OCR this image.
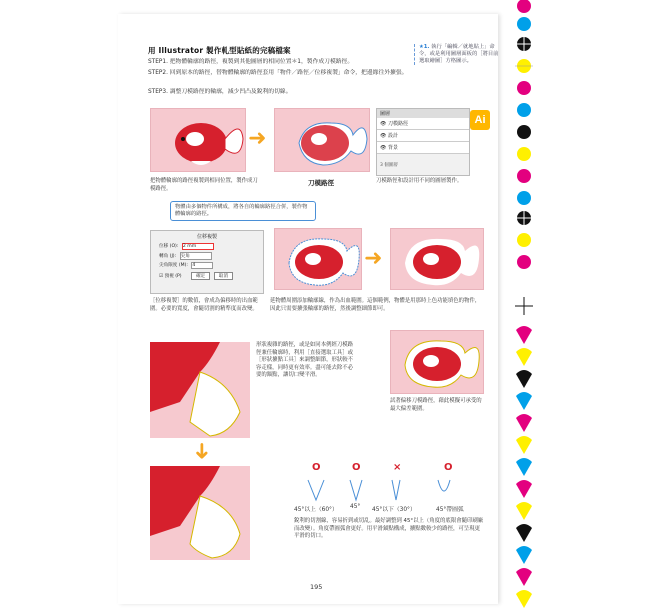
用 Illustrator 製作軋型貼紙的完稿檔案
STEP1. 把物體輪廓的路徑，複製到其他圖層的相同位置＊1，製作成刀模路徑。
STEP2. 回到原本的路徑，替物體輪廓的路徑套用「物件／路徑／位移複製」命令，把邊緣往外擴張。
STEP3. 調整刀模路徑的輪廓，減少凹凸及銳利的切線。
★1. 執行「編輯／就地貼上」命令，或是利用圖層面板的［將目前選取繪圖］方格圖示。
Ai
➜
刀模路徑
把物體輪廓的路徑複製到相同位置，製作成刀模路徑。
圖層
👁 刀模路徑
👁 設計
👁 背景
3 個圖層
刀模路徑和設計用不同的圖層製作。
物體由多個物件所構成，將各自的輪廓路徑合併，製作物體輪廓的路徑。
位移複製
位移 (O): 2 mm
轉角 (J): 尖角
尖角限度 (M): 4
☑ 預視 (P)	確定	取消
➜
［位移複製］的數值，會成為偏移時的出血範圍。必要的寬度，會隨切割的精準度而改變。
延物體周圍添加輪廓線，作為出血範圍。這個範例，物體是用那時上色功能填色的物件，因此只需要擴張輪廓的路徑，然後調整細節即可。
形狀複雜的路徑，或是如同本例經刀模路徑兼任輪廓時，利用［直接選取工具］或［形狀擴點工具］來調整細節，形狀較不容走樣，同時更有效率。盡可能去除不必要的錨點，讓切口變平滑。
試著偏移刀模路徑，藉此模擬可承受的最大偏差範圍。
➜
O	O	×	O
45°以上（60°） 45° 45°以下（30°）	45°帶圓弧
銳利的切割線，容易折到或切乱。最好調整到 45°以上（角度的底限會隨印刷廠而改變）。角度帶圓弧會更好。用平滑錨點構成，擴點數較少的路徑，可呈現更平滑的切口。
195
